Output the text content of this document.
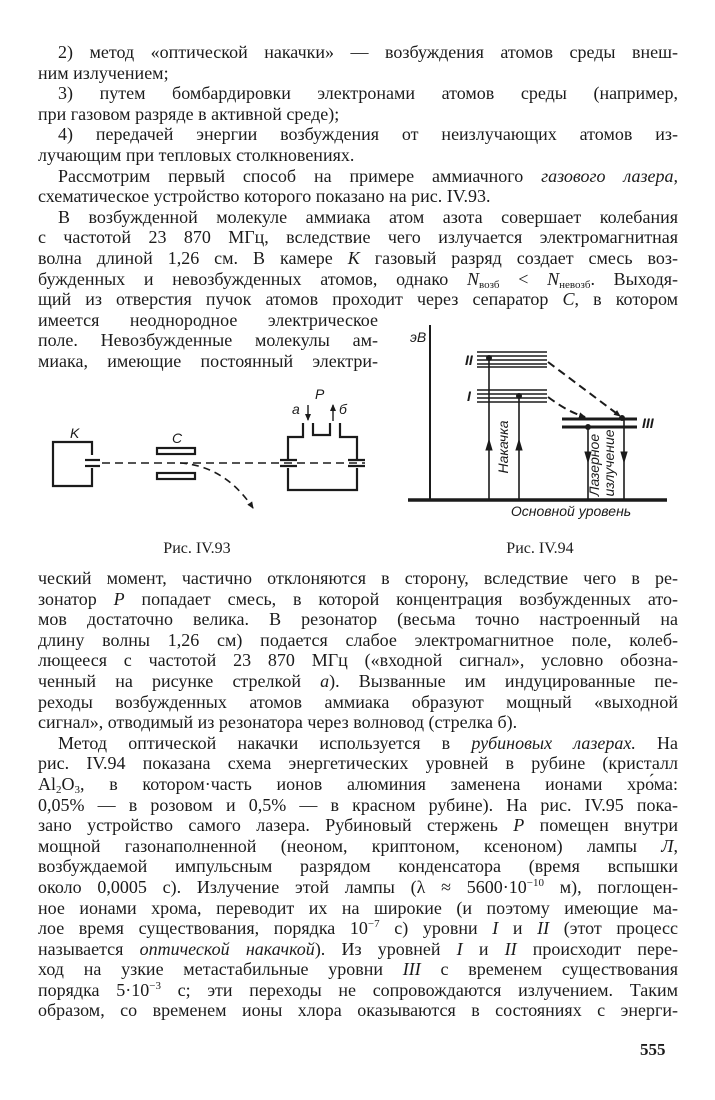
2) метод «оптической накачки» — возбуждения атомов среды внеш-
ним излучением;
3) путем бомбардировки электронами атомов среды (например,
при газовом разряде в активной среде);
4) передачей энергии возбуждения от неизлучающих атомов из-
лучающим при тепловых столкновениях.
Рассмотрим первый способ на примере аммиачного газового лазера,
схематическое устройство которого показано на рис. IV.93.
В возбужденной молекуле аммиака атом азота совершает колебания
с частотой 23 870 МГц, вследствие чего излучается электромагнитная
волна длиной 1,26 см. В камере K газовый разряд создает смесь воз-
бужденных и невозбужденных атомов, однако Nвозб < Nневозб. Выходя-
щий из отверстия пучок атомов проходит через сепаратор C, в котором
имеется неоднородное электрическое
поле. Невозбужденные молекулы ам-
миака, имеющие постоянный электри-
ческий момент, частично отклоняются в сторону, вследствие чего в ре-
зонатор P попадает смесь, в которой концентрация возбужденных ато-
мов достаточно велика. В резонатор (весьма точно настроенный на
длину волны 1,26 см) подается слабое электромагнитное поле, колеб-
лющееся с частотой 23 870 МГц («входной сигнал», условно обозна-
ченный на рисунке стрелкой a). Вызванные им индуцированные пе-
реходы возбужденных атомов аммиака образуют мощный «выходной
сигнал», отводимый из резонатора через волновод (стрелка б).
Метод оптической накачки используется в рубиновых лазерах. На
рис. IV.94 показана схема энергетических уровней в рубине (кристалл
Al2O3, в котором·часть ионов алюминия заменена ионами хро́ма:
0,05% — в розовом и 0,5% — в красном рубине). На рис. IV.95 пока-
зано устройство самого лазера. Рубиновый стержень P помещен внутри
мощной газонаполненной (неоном, криптоном, ксеноном) лампы Л,
возбуждаемой импульсным разрядом конденсатора (время вспышки
около 0,0005 с). Излучение этой лампы ($\lambda \approx 5600\cdot 10^{-10}$ м), поглощен-
ное ионами хрома, переводит их на широкие (и поэтому имеющие ма-
лое время существования, порядка $10^{-7}$ с) уровни I и II (этот процесс
называется оптической накачкой). Из уровней I и II происходит пере-
ход на узкие метастабильные уровни III с временем существования
порядка $5\cdot 10^{-3}$ с; эти переходы не сопровождаются излучением. Таким
образом, со временем ионы хлора оказываются в состояниях с энерги-
K	C
P
a	б
Рис. IV.93
эВ
II
I
III
Накачка	Лазерное излучение
Основной уровень
Рис. IV.94
555
